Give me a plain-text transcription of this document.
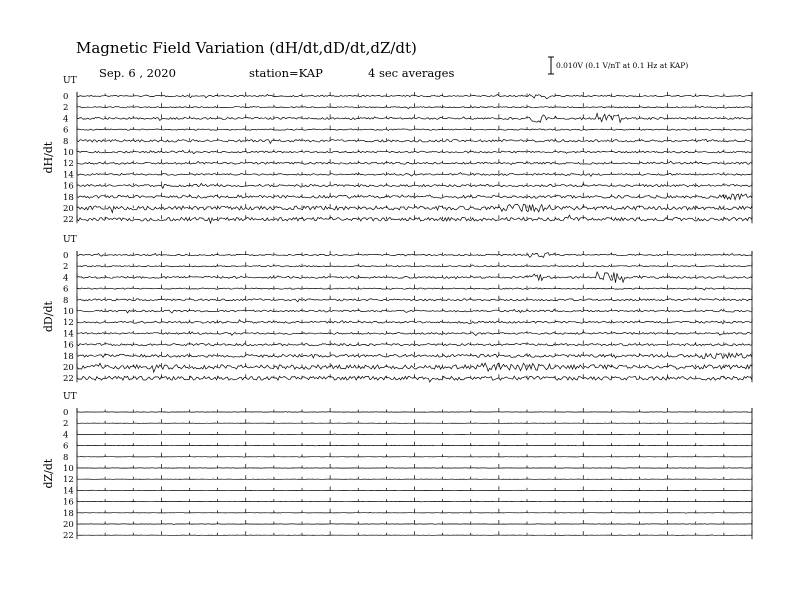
Magnetic Field Variation (dH/dt,dD/dt,dZ/dt)
Sep. 6 , 2020	station=KAP	4 sec averages
0.010V (0.1 V/nT at 0.1 Hz at KAP)
UT
dH/dt
0
2
4
6
8
10
12
14
16
18
20
22
UT
dD/dt
0
2
4
6
8
10
12
14
16
18
20
22
UT
dZ/dt
0
2
4
6
8
10
12
14
16
18
20
22
